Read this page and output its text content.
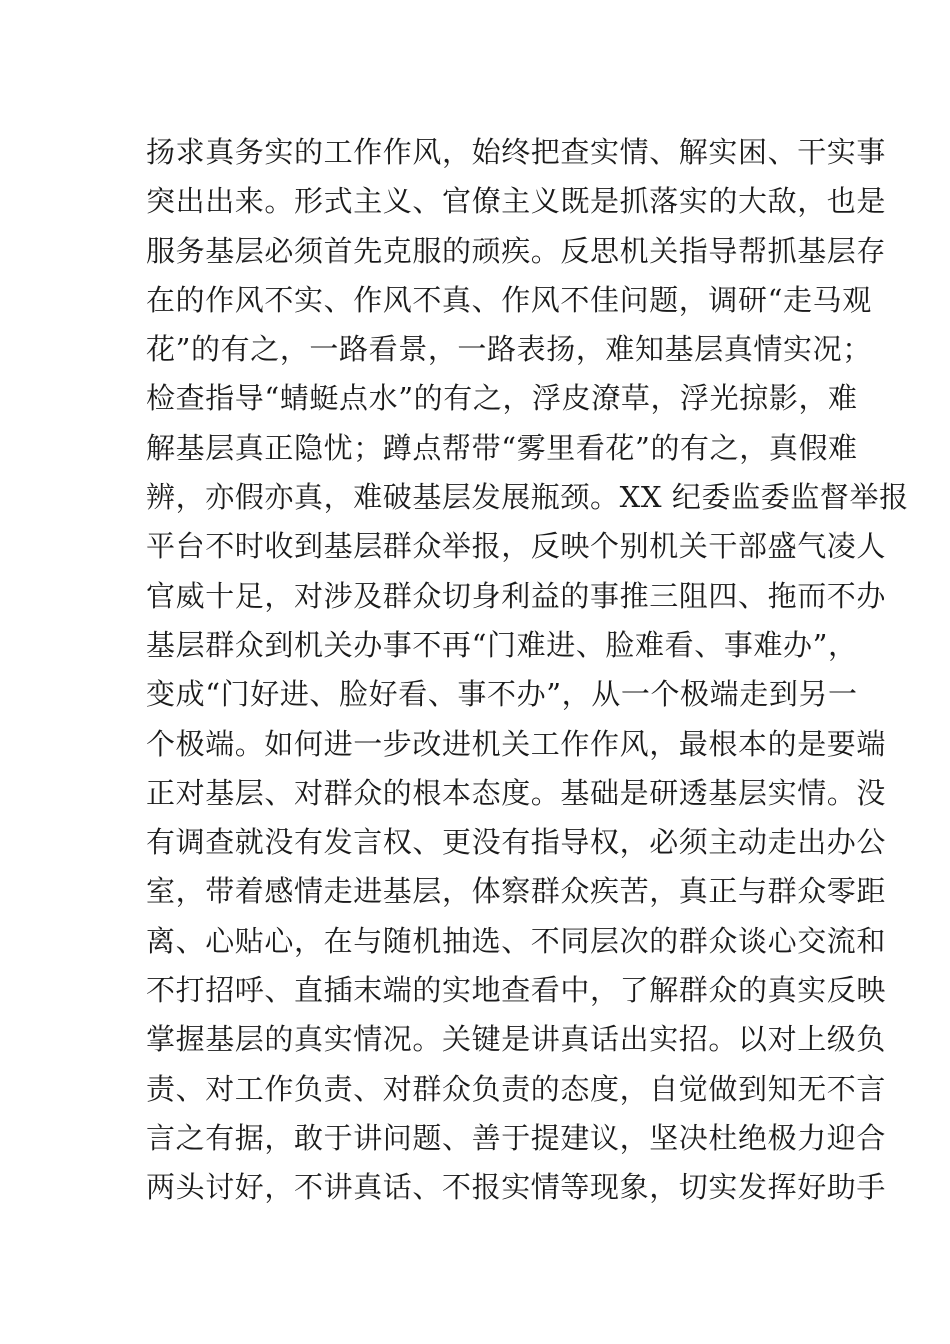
扬求真务实的工作作风，始终把查实情、解实困、干实事
突出出来。形式主义、官僚主义既是抓落实的大敌，也是
服务基层必须首先克服的顽疾。反思机关指导帮抓基层存
在的作风不实、作风不真、作风不佳问题，调研“走马观
花”的有之，一路看景，一路表扬，难知基层真情实况；
检查指导“蜻蜓点水”的有之，浮皮潦草，浮光掠影，难
解基层真正隐忧；蹲点帮带“雾里看花”的有之，真假难
辨，亦假亦真，难破基层发展瓶颈。XX 纪委监委监督举报
平台不时收到基层群众举报，反映个别机关干部盛气凌人
官威十足，对涉及群众切身利益的事推三阻四、拖而不办
基层群众到机关办事不再“门难进、脸难看、事难办”，
变成“门好进、脸好看、事不办”，从一个极端走到另一
个极端。如何进一步改进机关工作作风，最根本的是要端
正对基层、对群众的根本态度。基础是研透基层实情。没
有调查就没有发言权、更没有指导权，必须主动走出办公
室，带着感情走进基层，体察群众疾苦，真正与群众零距
离、心贴心，在与随机抽选、不同层次的群众谈心交流和
不打招呼、直插末端的实地查看中，了解群众的真实反映
掌握基层的真实情况。关键是讲真话出实招。以对上级负
责、对工作负责、对群众负责的态度，自觉做到知无不言
言之有据，敢于讲问题、善于提建议，坚决杜绝极力迎合
两头讨好，不讲真话、不报实情等现象，切实发挥好助手
